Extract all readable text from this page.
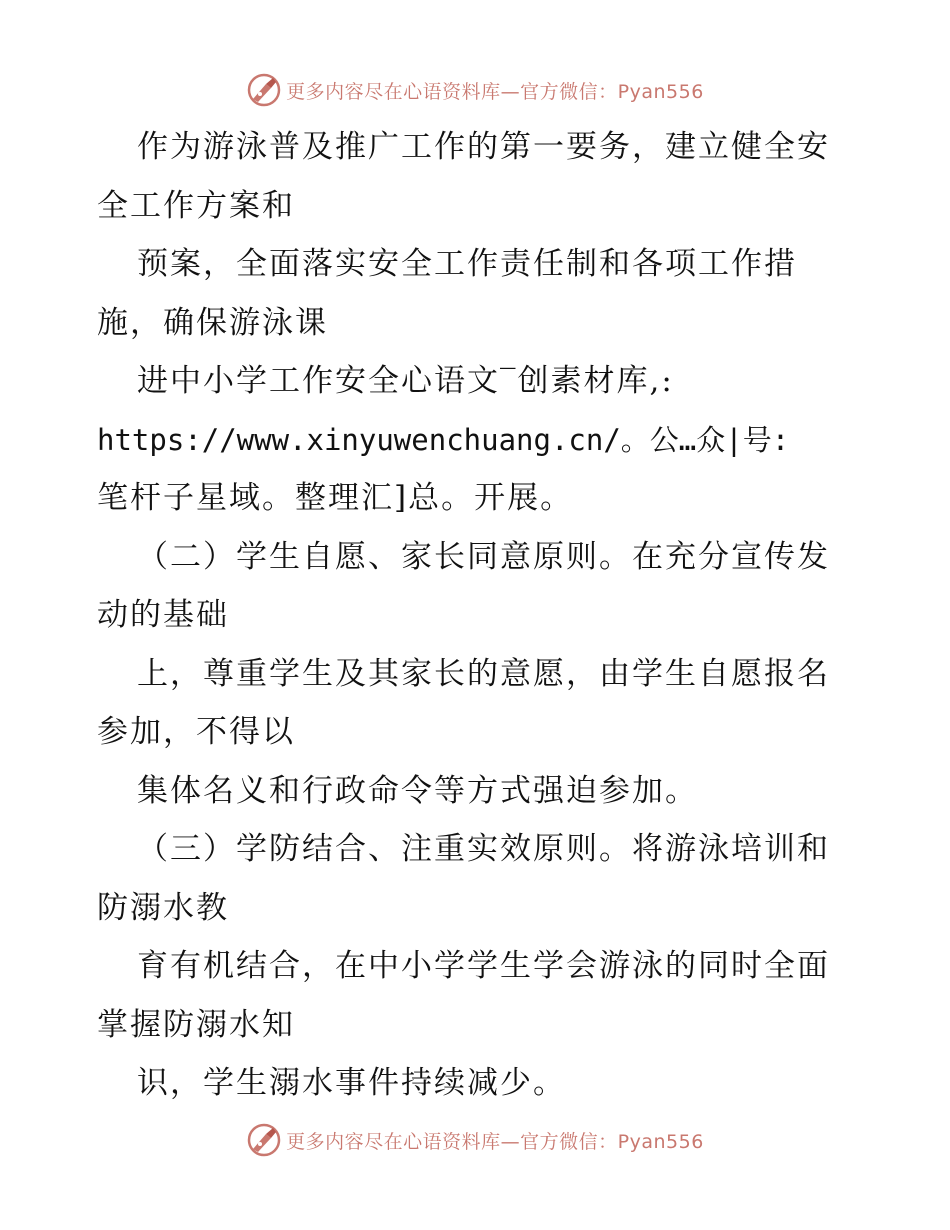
更多内容尽在心语资料库—官方微信：Pyan556
作为游泳普及推广工作的第一要务，建立健全安
全工作方案和
预案，全面落实安全工作责任制和各项工作措
施，确保游泳课
进中小学工作安全心语文‾创素材库,:
https://www.xinyuwenchuang.cn/。公…众|号:
笔杆子星域。整理汇]总。开展。
（二）学生自愿、家长同意原则。在充分宣传发
动的基础
上，尊重学生及其家长的意愿，由学生自愿报名
参加，不得以
集体名义和行政命令等方式强迫参加。
（三）学防结合、注重实效原则。将游泳培训和
防溺水教
育有机结合，在中小学学生学会游泳的同时全面
掌握防溺水知
识，学生溺水事件持续减少。
更多内容尽在心语资料库—官方微信：Pyan556
